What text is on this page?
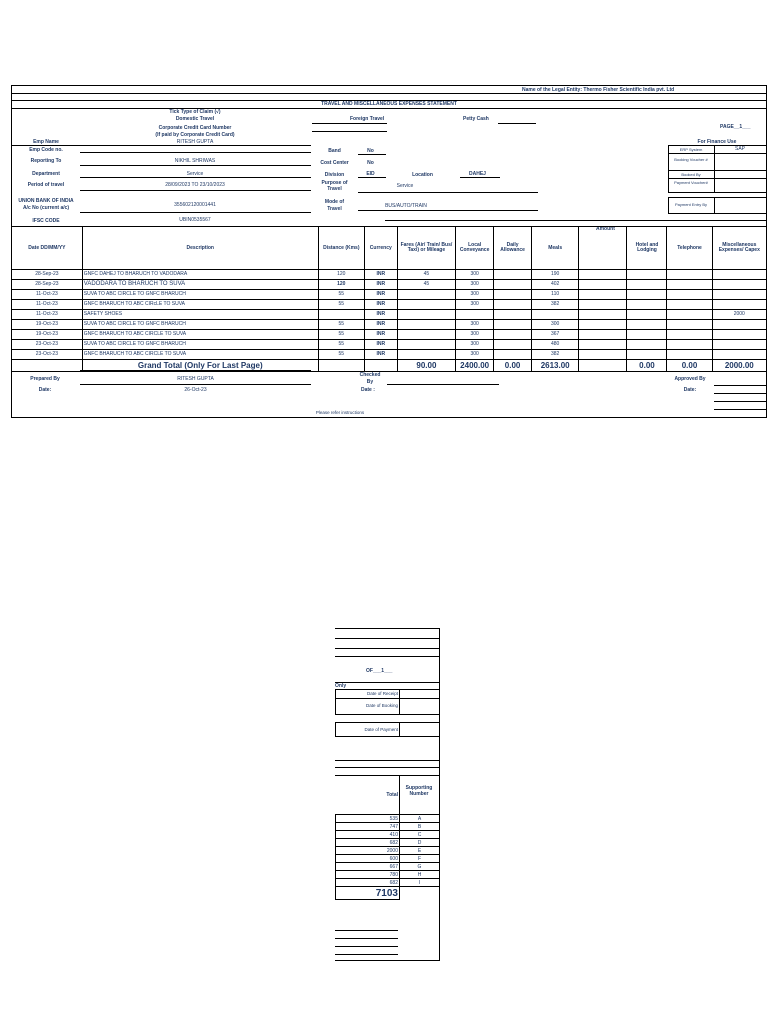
Name of the Legal Entity: Thermo Fisher Scientific India pvt. Ltd
TRAVEL AND MISCELLANEOUS EXPENSES STATEMENT
Tick Type of Claim (√)
Domestic Travel
Corporate Credit Card Number
(If paid by Corporate Credit Card)
Foreign Travel	Petty Cash
PAGE__1___
Emp Name	RITESH GUPTA
Emp Code no.
Reporting To	NIKHIL SHRIWAS
Department	Service
Period of travel	28/09/2023 TO 23/10/2023
UNION BANK OF INDIA
A/c No (current a/c)	355602120001441
IFSC CODE	UBIN0535567
Band	No
Cost Center	No
Division	EID	Location	DAHEJ
Purpose of
Travel	Service
Mode of
Travel	BUS/AUTO/TRAIN
For Finance Use
ERP System	SAP
Booking Voucher #
Booked By
Payment Voucher#
Payment Entry By
Amount
Date DD/MM/YY	Description	Distance (Kms)	Currency	Fares (Air/ Train/ Bus/ Taxi) or Mileage	Local Conveyance	Daily Allowance	Meals		Hotel and Lodging	Telephone	Miscellaneous Expenses/ Capex
28-Sep-23	GNFC DAHEJ TO BHARUCH TO VADODARA	120	INR	45	300		190				
28-Sep-23	VADODARA TO BHARUCH TO SUVA	120	INR	45	300		402				
11-Oct-23	SUVA TO ABC CIRCLE TO GNFC BHARUCH	55	INR		300		110				
11-Oct-23	GNFC BHARUCH TO ABC CIRcLE TO SUVA	55	INR		300		382				
11-Oct-23	SAFETY SHOES		INR								2000
19-Oct-23	SUVA TO ABC CIRCLE TO GNFC BHARUCH	55	INR		300		300				
19-Oct-23	GNFC BHARUCH TO ABC CIRCLE TO SUVA	55	INR		300		367				
23-Oct-23	SUVA TO ABC CIRCLE TO GNFC BHARUCH	55	INR		300		480				
23-Oct-23	GNFC BHARUCH TO ABC CIRCLE TO SUVA	55	INR		300		382				
	Grand Total (Only For Last Page)			90.00	2400.00	0.00	2613.00		0.00	0.00	2000.00
Prepared By	RITESH GUPTA
Date:	26-Oct-23
Checked
By
Date :
Approved By
Date:
Please refer instructions
OF___1___
Only
Date of Receipt
Date of Booking
Date of Payment
Total
Supporting Number
535	A
747	B
410	C
682	D
2000	E
600	F
667	G
780	H
682	I
7103	
